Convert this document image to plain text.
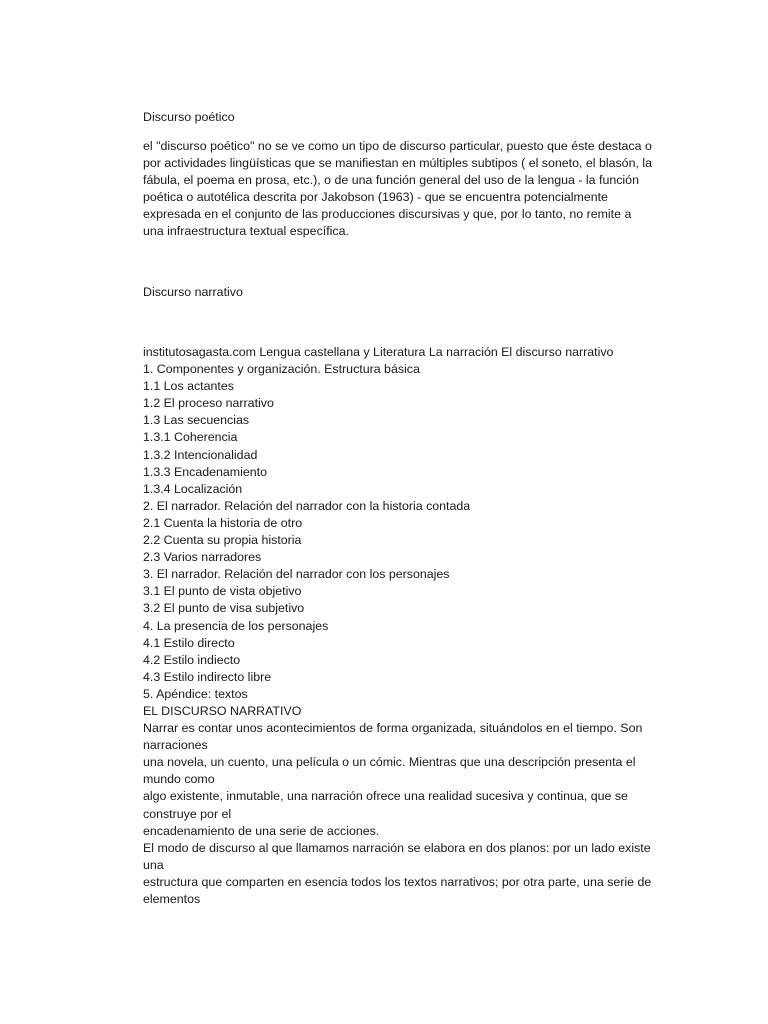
Discurso poético
el "discurso poético" no se ve como un tipo de discurso particular, puesto que éste destaca o
por actividades lingüísticas que se manifiestan en múltiples subtipos ( el soneto, el blasón, la
fábula, el poema en prosa, etc.), o de una función general del uso de la lengua - la función
poética o autotélica descrita por Jakobson (1963) - que se encuentra potencialmente
expresada en el conjunto de las producciones discursivas y que, por lo tanto, no remite a
una infraestructura textual específica.
Discurso narrativo
institutosagasta.com Lengua castellana y Literatura La narración El discurso narrativo
1. Componentes y organización. Estructura básica
1.1 Los actantes
1.2 El proceso narrativo
1.3 Las secuencias
1.3.1 Coherencia
1.3.2 Intencionalidad
1.3.3 Encadenamiento
1.3.4 Localización
2. El narrador. Relación del narrador con la historia contada
2.1 Cuenta la historia de otro
2.2 Cuenta su propia historia
2.3 Varios narradores
3. El narrador. Relación del narrador con los personajes
3.1 El punto de vista objetivo
3.2 El punto de visa subjetivo
4. La presencia de los personajes
4.1 Estilo directo
4.2 Estilo indiecto
4.3 Estilo indirecto libre
5. Apéndice: textos
EL DISCURSO NARRATIVO
Narrar es contar unos acontecimientos de forma organizada, situándolos en el tiempo. Son
narraciones
una novela, un cuento, una película o un cómic. Mientras que una descripción presenta el
mundo como
algo existente, inmutable, una narración ofrece una realidad sucesiva y continua, que se
construye por el
encadenamiento de una serie de acciones.
El modo de discurso al que llamamos narración se elabora en dos planos: por un lado existe
una
estructura que comparten en esencia todos los textos narrativos; por otra parte, una serie de
elementos
